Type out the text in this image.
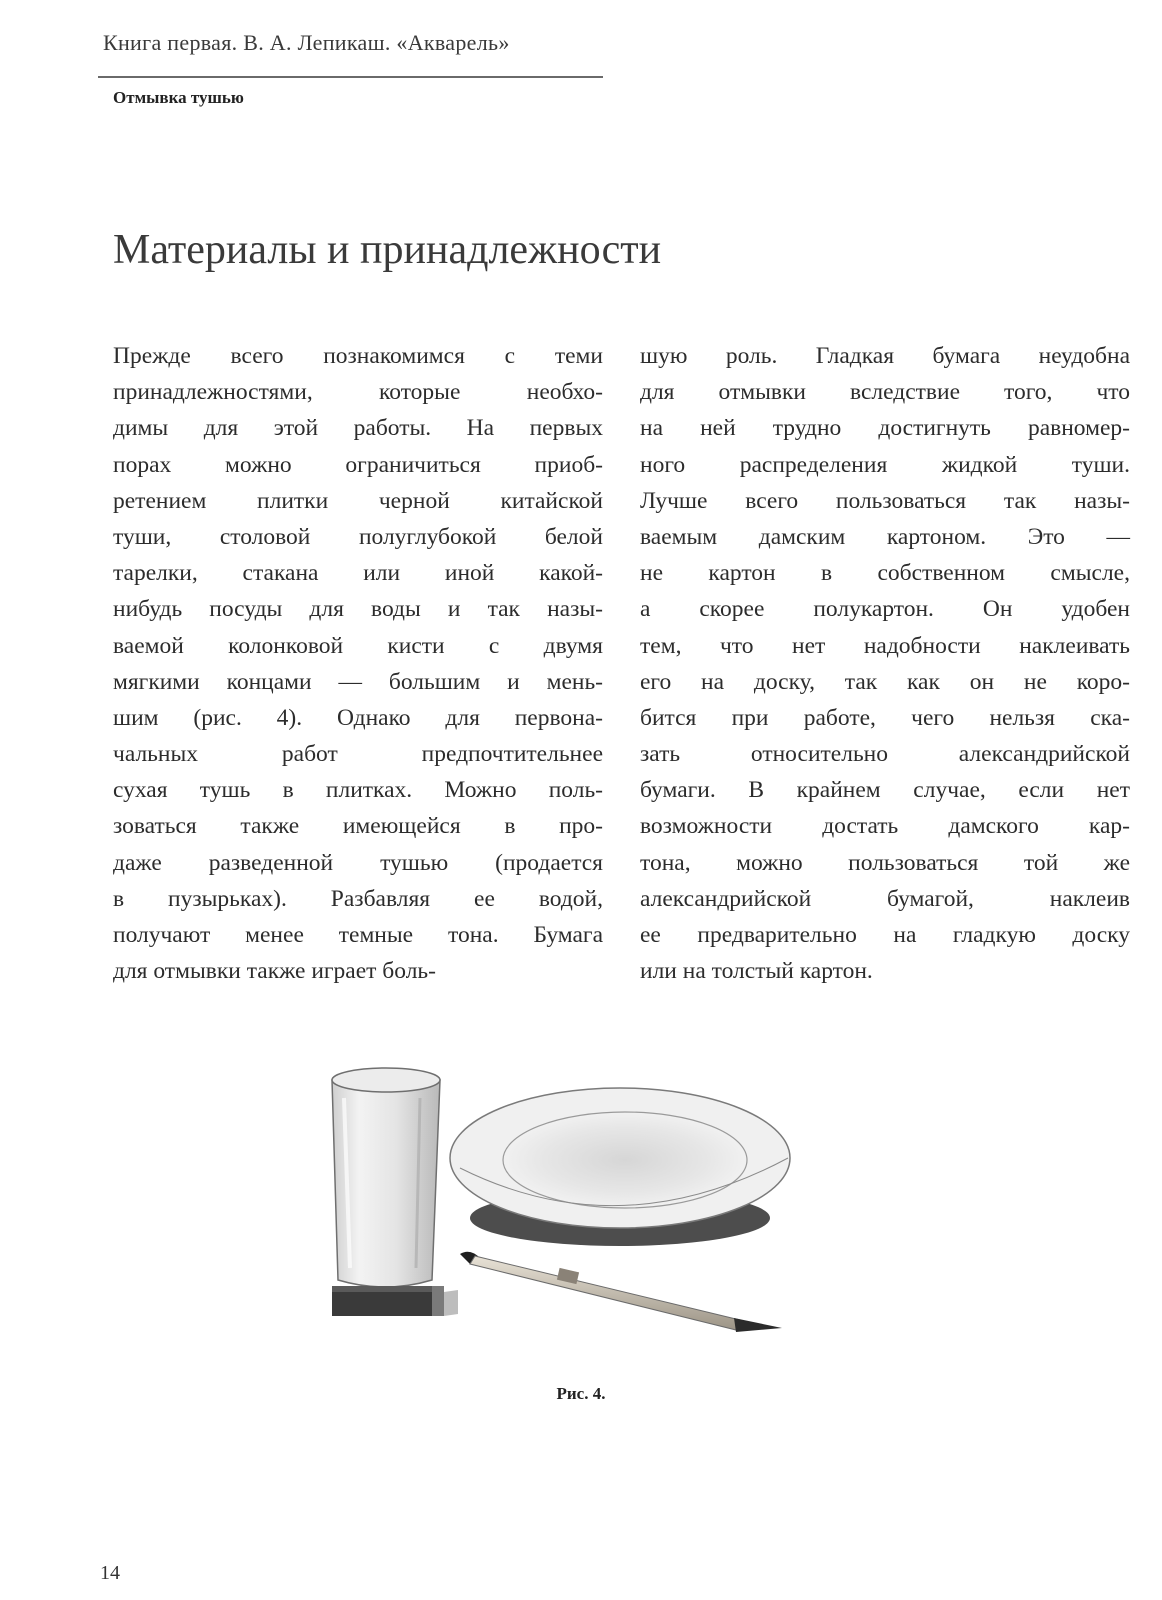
Книга первая. В. А. Лепикаш. «Акварель»
Отмывка тушью
Материалы и принадлежности
Прежде всего познакомимся с теми
принадлежностями, которые необхо-
димы для этой работы. На первых
порах можно ограничиться приоб-
ретением плитки черной китайской
туши, столовой полуглубокой белой
тарелки, стакана или иной какой-
нибудь посуды для воды и так назы-
ваемой колонковой кисти с двумя
мягкими концами — большим и мень-
шим (рис. 4). Однако для первона-
чальных работ предпочтительнее
сухая тушь в плитках. Можно поль-
зоваться также имеющейся в про-
даже разведенной тушью (продается
в пузырьках). Разбавляя ее водой,
получают менее темные тона. Бумага
для отмывки также играет боль-
шую роль. Гладкая бумага неудобна
для отмывки вследствие того, что
на ней трудно достигнуть равномер-
ного распределения жидкой туши.
Лучше всего пользоваться так назы-
ваемым дамским картоном. Это —
не картон в собственном смысле,
а скорее полукартон. Он удобен
тем, что нет надобности наклеивать
его на доску, так как он не коро-
бится при работе, чего нельзя ска-
зать относительно александрийской
бумаги. В крайнем случае, если нет
возможности достать дамского кар-
тона, можно пользоваться той же
александрийской бумагой, наклеив
ее предварительно на гладкую доску
или на толстый картон.
Рис. 4.
14
